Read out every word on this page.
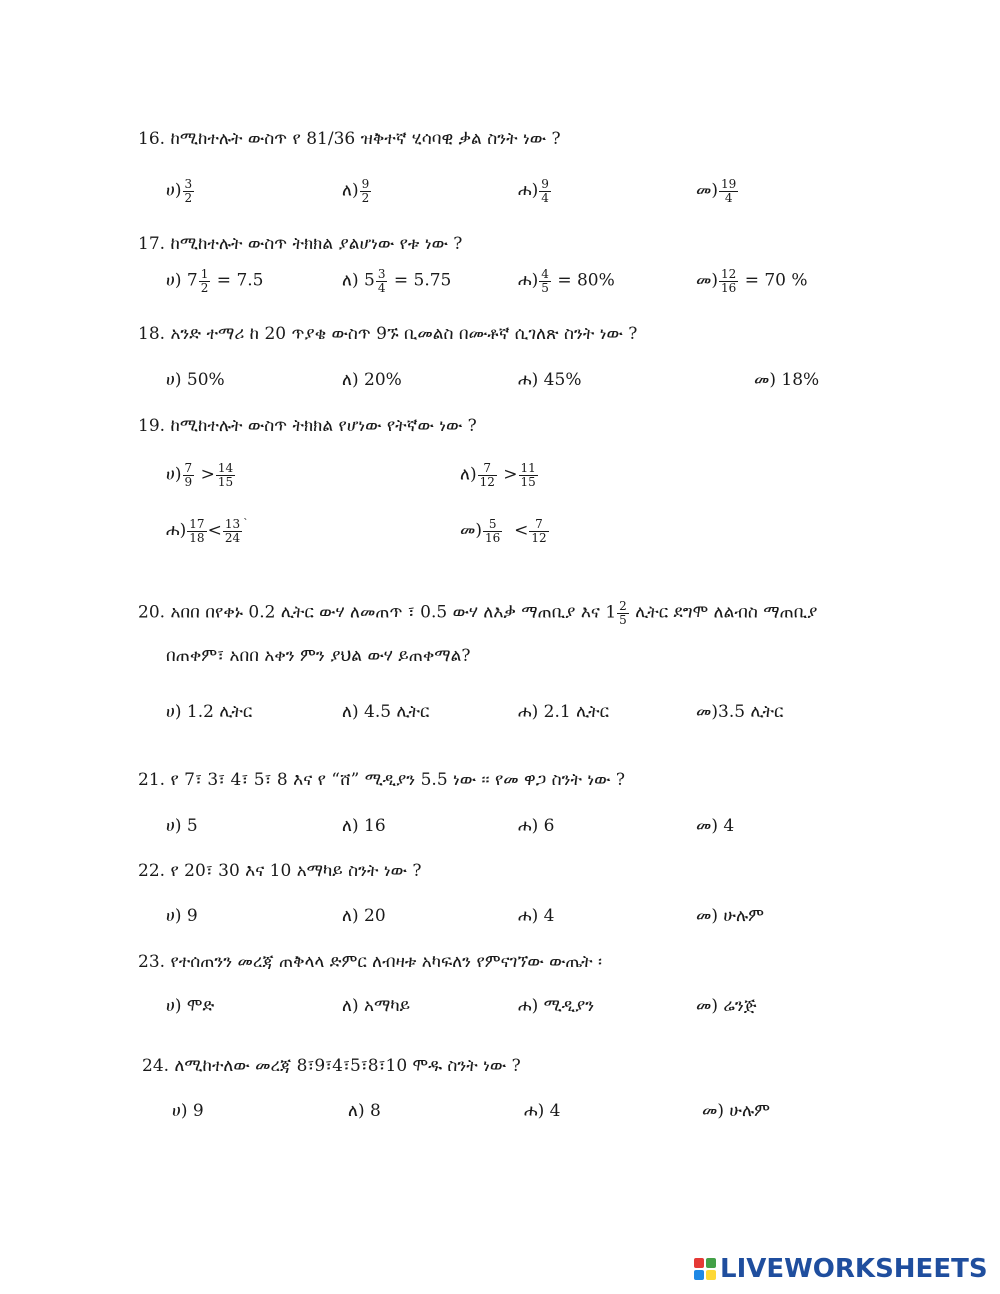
16. ከሚከተሉት ውስጥ የ 81/36 ዝቅተኛ ሂሳባዊ ቃል ስንት ነው ?
ሀ) $\frac{3}{2}$	ለ) $\frac{9}{2}$	ሐ) $\frac{9}{4}$	መ) $\frac{19}{4}$
17. ከሚከተሉት ውስጥ ትክክል ያልሆነው የቱ ነው ?
ሀ) $7 \frac{1}{2} = 7.5$	ለ) $5 \frac{3}{4} = 5.75$	ሐ) $\frac{4}{5} = 80\%$	መ) $\frac{12}{16} = 70$ %
18. አንድ ተማሪ ከ 20 ጥያቄ ውስጥ 9ኙ ቢመልስ በሙቶኛ ሲገለጽ ስንት ነው ?
ሀ) 50%	ለ) 20%	ሐ) 45%	መ) 18%
19. ከሚከተሉት ውስጥ ትክክል የሆነው የትኛው ነው ?
ሀ) $\frac{7}{9} > \frac{14}{15}$	ለ) $\frac{7}{12} > \frac{11}{15}$
ሐ) $\frac{17}{18} < \frac{13}{24} ^`$	መ) $\frac{5}{16} < \frac{7}{12}$
20. አበበ በየቀኑ 0.2 ሊትር ውሃ ለመጠጥ ፣ 0.5 ውሃ ለእቃ ማጠቢያ እና $1 \frac{2}{5}$ ሊትር ደግሞ ለልብስ ማጠቢያ
በጠቀም፣ አበበ አቀን ምን ያህል ውሃ ይጠቀማል?
ሀ) 1.2 ሊትር	ለ) 4.5 ሊትር	ሐ) 2.1 ሊትር	መ)3.5 ሊትር
21. የ 7፣ 3፣ 4፣ 5፣ 8 እና የ “ሸ” ሚዲያን 5.5 ነው ፡፡ የመ ዋጋ ስንት ነው ?
ሀ) 5	ለ) 16	ሐ) 6	መ) 4
22. የ 20፣ 30 እና 10 አማካይ ስንት ነው ?
ሀ) 9	ለ) 20	ሐ) 4	መ) ሁሉም
23. የተሰጠንን መረጃ ጠቅላላ ድምር ለብዛቱ አካፍለን የምናገኘው ውጤት ፡
ሀ) ሞድ	ለ) አማካይ	ሐ) ሚዲያን	መ) ሬንጅ
24. ለሚከተለው መረጃ 8፣9፣4፣5፣8፣10 ሞዱ ስንት ነው ?
ሀ) 9	ለ) 8	ሐ) 4	መ) ሁሉም
LIVEWORKSHEETS
